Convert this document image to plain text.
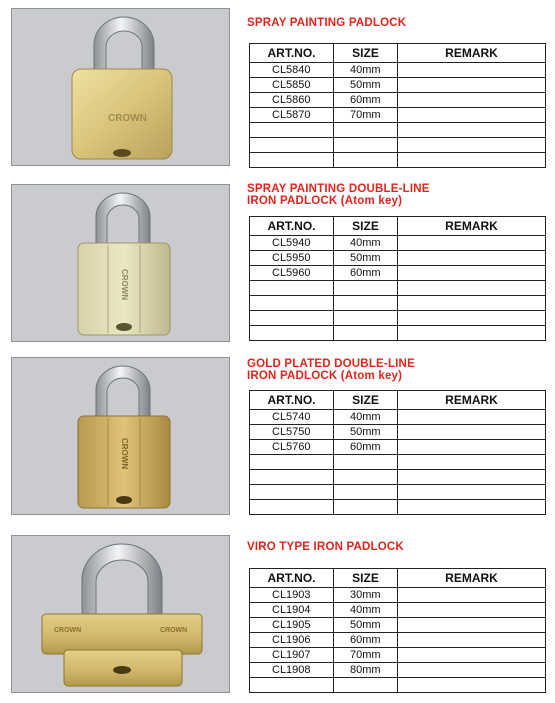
CROWN
SPRAY PAINTING PADLOCK
ART.NO.	SIZE	REMARK
CL5840	40mm	
CL5850	50mm	
CL5860	60mm	
CL5870	70mm	

CROWN
SPRAY PAINTING DOUBLE-LINE
IRON PADLOCK (Atom key)
ART.NO.	SIZE	REMARK
CL5940	40mm	
CL5950	50mm	
CL5960	60mm	

CROWN
GOLD PLATED DOUBLE-LINE
IRON PADLOCK (Atom key)
ART.NO.	SIZE	REMARK
CL5740	40mm	
CL5750	50mm	
CL5760	60mm	

CROWN	CROWN
VIRO TYPE IRON PADLOCK
ART.NO.	SIZE	REMARK
CL1903	30mm	
CL1904	40mm	
CL1905	50mm	
CL1906	60mm	
CL1907	70mm	
CL1908	80mm	
